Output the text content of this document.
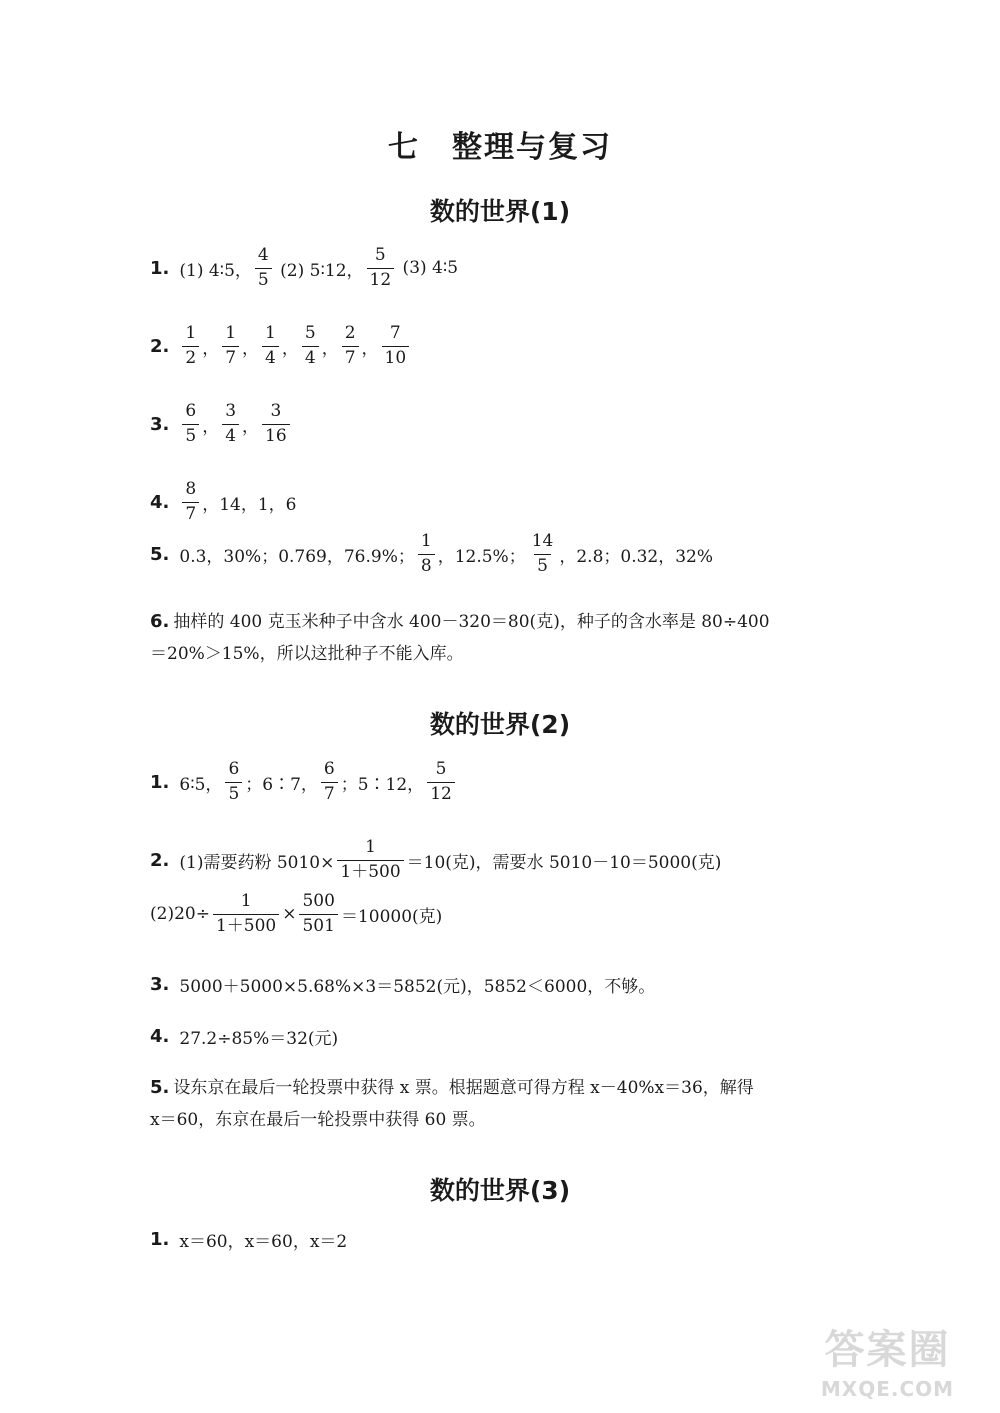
七　整理与复习
数的世界(1)
1. (1) 4∶5， $\frac{4}{5} (2)$ 5∶12， $\frac{5}{12} (3)$ 4∶5
2. $\frac{1}{2}$ ， $\frac{1}{7}$ ， $\frac{1}{4}$ ， $\frac{5}{4}$ ， $\frac{2}{7}$ ， $\frac{7}{10}$
3. $\frac{6}{5}$ ， $\frac{3}{4}$ ， $\frac{3}{16}$
4. $\frac{8}{7}$ ，14，1，6
5. 0.3，30%；0.769，76.9%； $\frac{1}{8}$ ，12.5%； $\frac{14}{5}$ ，2.8；0.32，32%
6. 抽样的 400 克玉米种子中含水 400－320＝80(克)，种子的含水率是 80÷400
＝20%＞15%，所以这批种子不能入库。
数的世界(2)
1. 6∶5， $\frac{6}{5}$ ；6∶7， $\frac{6}{7}$ ；5∶12， $\frac{5}{12}$
2. (1)需要药粉 $5010\times \frac{1}{1+500} =10$(克)，需要水 5010－10＝5000(克)
$(2)20\div \frac{1}{1+500} \times \frac{500}{501} =10000$(克)
3. 5000＋5000×5.68%×3＝5852(元)，5852＜6000，不够。
4. 27.2÷85%＝32(元)
5. 设东京在最后一轮投票中获得 x 票。根据题意可得方程 x－40%x＝36，解得
x＝60，东京在最后一轮投票中获得 60 票。
数的世界(3)
1. x＝60，x＝60，x＝2
答案圈
MXQE.COM
